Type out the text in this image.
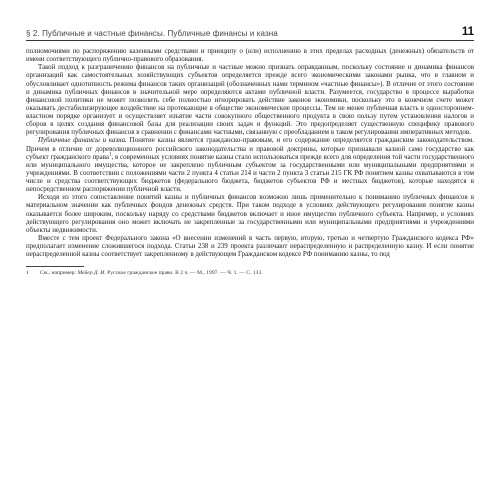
§ 2. Публичные и частные финансы. Публичные финансы и казна	11

полномочиями по распоряжению казенными средствами и принципу о (или) исполнению в этих пределах расходных (денежных) обязательств от имени соответствующего публично-правового образования.

Такой подход к разграничению финансов на публичные и частные можно признать оправданным, поскольку состояние и динамика финансов организаций как самостоятельных хозяйствующих субъектов определяется прежде всего экономическими законами рынка, что в главном и обусловливает однотипность режима финансов таких организаций (обозначенных нами термином «частные финансы»). В отличие от этого состояние и динамика публичных финансов в значительной мере определяются актами публичной власти. Разумеется, государство в процессе выработки финансовой политики не может позволить себе полностью игнорировать действие законов экономики, поскольку это в конечном счете может оказывать дестабилизирующее воздействие на протекающие в обществе экономические процессы. Тем не менее публичная власть в одностороннем-властном порядке организует и осуществляет изъятие части совокупного общественного продукта в свою пользу путем установления налогов и сборов в целях создания финансовой базы для реализации своих задач и функций. Это предопределяет существенную специфику правового регулирования публичных финансов в сравнении с финансами частными, связанную с преобладанием в таком регулировании императивных методов.

Публичные финансы и казна. Понятие казны является гражданско-правовым, и его содержание определяется гражданским законодательством. Причем в отличие от дореволюционного российского законодательства и правовой доктрины, которые признавали казной само государство как субъект гражданского права$^1$, в современных условиях понятие казны стало использоваться прежде всего для определения той части государственного или муниципального имущества, которое не закреплено публичным субъектом за государственными или муниципальными предприятиями и учреждениями. В соответствии с положениями части 2 пункта 4 статьи 214 и части 2 пункта 3 статьи 215 ГК РФ понятием казны охватываются в том числе и средства соответствующих бюджетов (федерального бюджета, бюджетов субъектов РФ и местных бюджетов), которые находятся в непосредственном распоряжении публичной власти.

Исходя из этого сопоставление понятий казны и публичных финансов возможно лишь применительно к пониманию публичных финансов в материальном значении как публичных фондов денежных средств. При таком подходе в условиях действующего регулирования понятие казны оказывается более широким, поскольку наряду со средствами бюджетов включает и иное имущество публичного субъекта. Например, в условиях действующего регулирования оно может включать не закрепленные за государственными или муниципальными предприятиями и учреждениями объекты недвижимости.

Вместе с тем проект Федерального закона «О внесении изменений в часть первую, вторую, третью и четвертую Гражданского кодекса РФ» предполагает изменение сложившегося подхода. Статьи 238 и 239 проекта различают нераспределенную и распределенную казну. И если понятие нераспределенной казны соответствует закрепленному в действующем Гражданском кодексе РФ пониманию казны, то под

1 См., например: Мейер Д. И. Русское гражданское право. В 2 ч. — М., 1997. — Ч. 1. — С. 133.
